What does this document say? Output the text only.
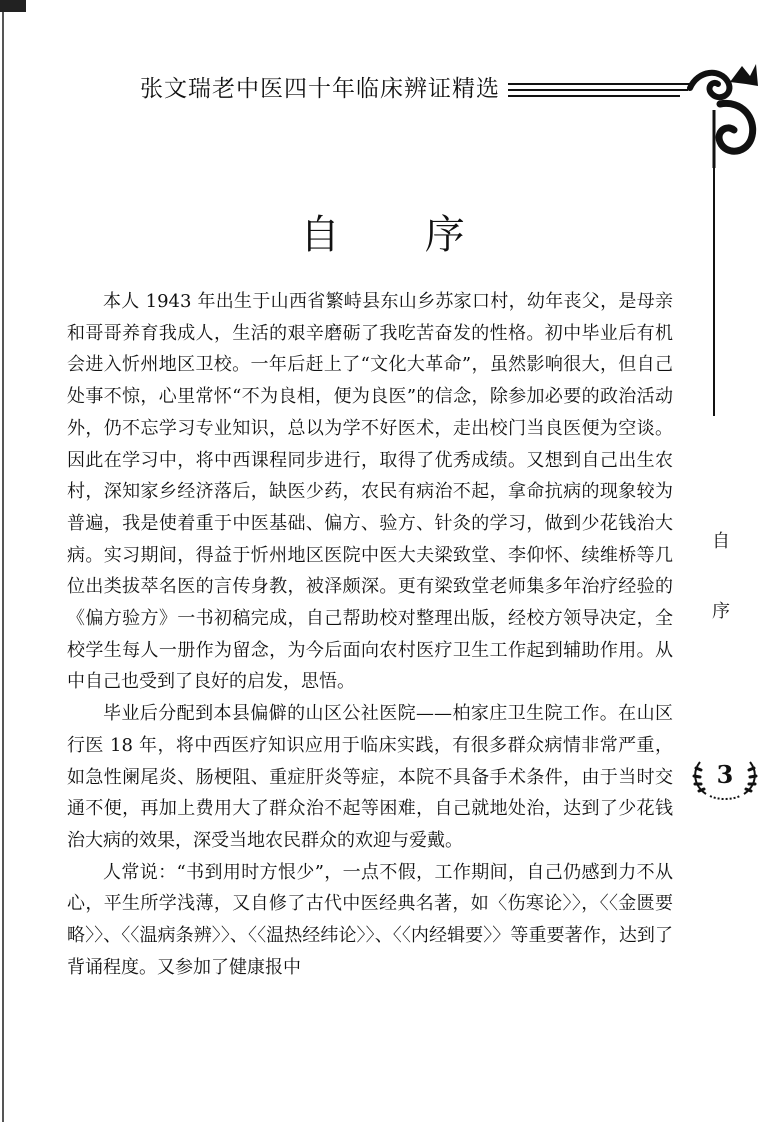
张文瑞老中医四十年临床辨证精选
自 序

本人 1943 年出生于山西省繁峙县东山乡苏家口村，幼年丧父，是母亲和哥哥养育我成人，生活的艰辛磨砺了我吃苦奋发的性格。初中毕业后有机会进入忻州地区卫校。一年后赶上了“文化大革命”，虽然影响很大，但自己处事不惊，心里常怀“不为良相，便为良医”的信念，除参加必要的政治活动外，仍不忘学习专业知识，总以为学不好医术，走出校门当良医便为空谈。因此在学习中，将中西课程同步进行，取得了优秀成绩。又想到自己出生农村，深知家乡经济落后，缺医少药，农民有病治不起，拿命抗病的现象较为普遍，我是使着重于中医基础、偏方、验方、针灸的学习，做到少花钱治大病。实习期间，得益于忻州地区医院中医大夫梁致堂、李仰怀、续维桥等几位出类拔萃名医的言传身教，被泽颇深。更有梁致堂老师集多年治疗经验的《偏方验方》一书初稿完成，自己帮助校对整理出版，经校方领导决定，全校学生每人一册作为留念，为今后面向农村医疗卫生工作起到辅助作用。从中自己也受到了良好的启发，思悟。

毕业后分配到本县偏僻的山区公社医院——柏家庄卫生院工作。在山区行医 18 年，将中西医疗知识应用于临床实践，有很多群众病情非常严重，如急性阑尾炎、肠梗阻、重症肝炎等症，本院不具备手术条件，由于当时交通不便，再加上费用大了群众治不起等困难，自己就地处治，达到了少花钱治大病的效果，深受当地农民群众的欢迎与爱戴。

人常说：“书到用时方恨少”，一点不假，工作期间，自己仍感到力不从心，平生所学浅薄，又自修了古代中医经典名著，如〈伤寒论〉〉，〈〈金匮要略〉〉、〈〈温病条辨〉〉、〈〈温热经纬论〉〉、〈〈内经辑要〉〉等重要著作，达到了背诵程度。又参加了健康报中

自
序
3
